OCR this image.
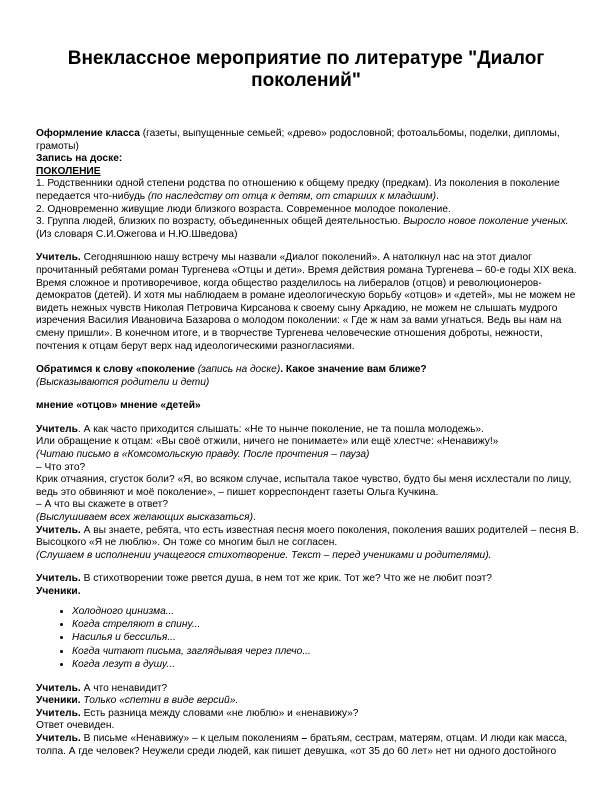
Внеклассное мероприятие по литературе "Диалог поколений"

Оформление класса (газеты, выпущенные семьей; «древо» родословной; фотоальбомы, поделки, дипломы, грамоты)

Запись на доске:

ПОКОЛЕНИЕ

1. Родственники одной степени родства по отношению к общему предку (предкам). Из поколения в поколение передается что-нибудь (по наследству от отца к детям, от старших к младшим).

2. Одновременно живущие люди близкого возраста. Современное молодое поколение.

3. Группа людей, близких по возрасту, объединенных общей деятельностью. Выросло новое поколение ученых.

(Из словаря С.И.Ожегова и Н.Ю.Шведова)

Учитель. Сегодняшнюю нашу встречу мы назвали «Диалог поколений». А натолкнул нас на этот диалог прочитанный ребятами роман Тургенева «Отцы и дети». Время действия романа Тургенева – 60-е годы XIX века. Время сложное и противоречивое, когда общество разделилось на либералов (отцов) и революционеров-демократов (детей). И хотя мы наблюдаем в романе идеологическую борьбу «отцов» и «детей», мы не можем не видеть нежных чувств Николая Петровича Кирсанова к своему сыну Аркадию, не можем не слышать мудрого изречения Василия Ивановича Базарова о молодом поколении: « Где ж нам за вами угнаться. Ведь вы нам на смену пришли». В конечном итоге, и в творчестве Тургенева человеческие отношения доброты, нежности, почтения к отцам берут верх над идеологическими разногласиями.

Обратимся к слову «поколение (запись на доске). Какое значение вам ближе?

(Высказываются родители и дети)

мнение «отцов» мнение «детей»

Учитель. А как часто приходится слышать: «Не то нынче поколение, не та пошла молодежь».

Или обращение к отцам: «Вы своё отжили, ничего не понимаете» или ещё хлестче: «Ненавижу!»

(Читаю письмо в «Комсомольскую правду. После прочтения – пауза)

– Что это?

Крик отчаяния, сгусток боли? «Я, во всяком случае, испытала такое чувство, будто бы меня исхлестали по лицу, ведь это обвиняют и моё поколение», – пишет корреспондент газеты Ольга Кучкина.

– А что вы скажете в ответ?

(Выслушиваем всех желающих высказаться).

Учитель. А вы знаете, ребята, что есть известная песня моего поколения, поколения ваших родителей – песня В. Высоцкого «Я не люблю». Он тоже со многим был не согласен.

(Слушаем в исполнении учащегося стихотворение. Текст – перед учениками и родителями).

Учитель. В стихотворении тоже рвется душа, в нем тот же крик. Тот же? Что же не любит поэт?

Ученики.

• Холодного цинизма...
• Когда стреляют в спину...
• Насилья и бессилья...
• Когда читают письма, заглядывая через плечо...
• Когда лезут в душу...

Учитель. А что ненавидит?

Ученики. Только «спетни в виде версий».

Учитель. Есть разница между словами «не люблю» и «ненавижу»?

Ответ очевиден.

Учитель. В письме «Ненавижу» – к целым поколениям – братьям, сестрам, матерям, отцам. И люди как масса, толпа. А где человек? Неужели среди людей, как пишет девушка, «от 35 до 60 лет» нет ни одного достойного
